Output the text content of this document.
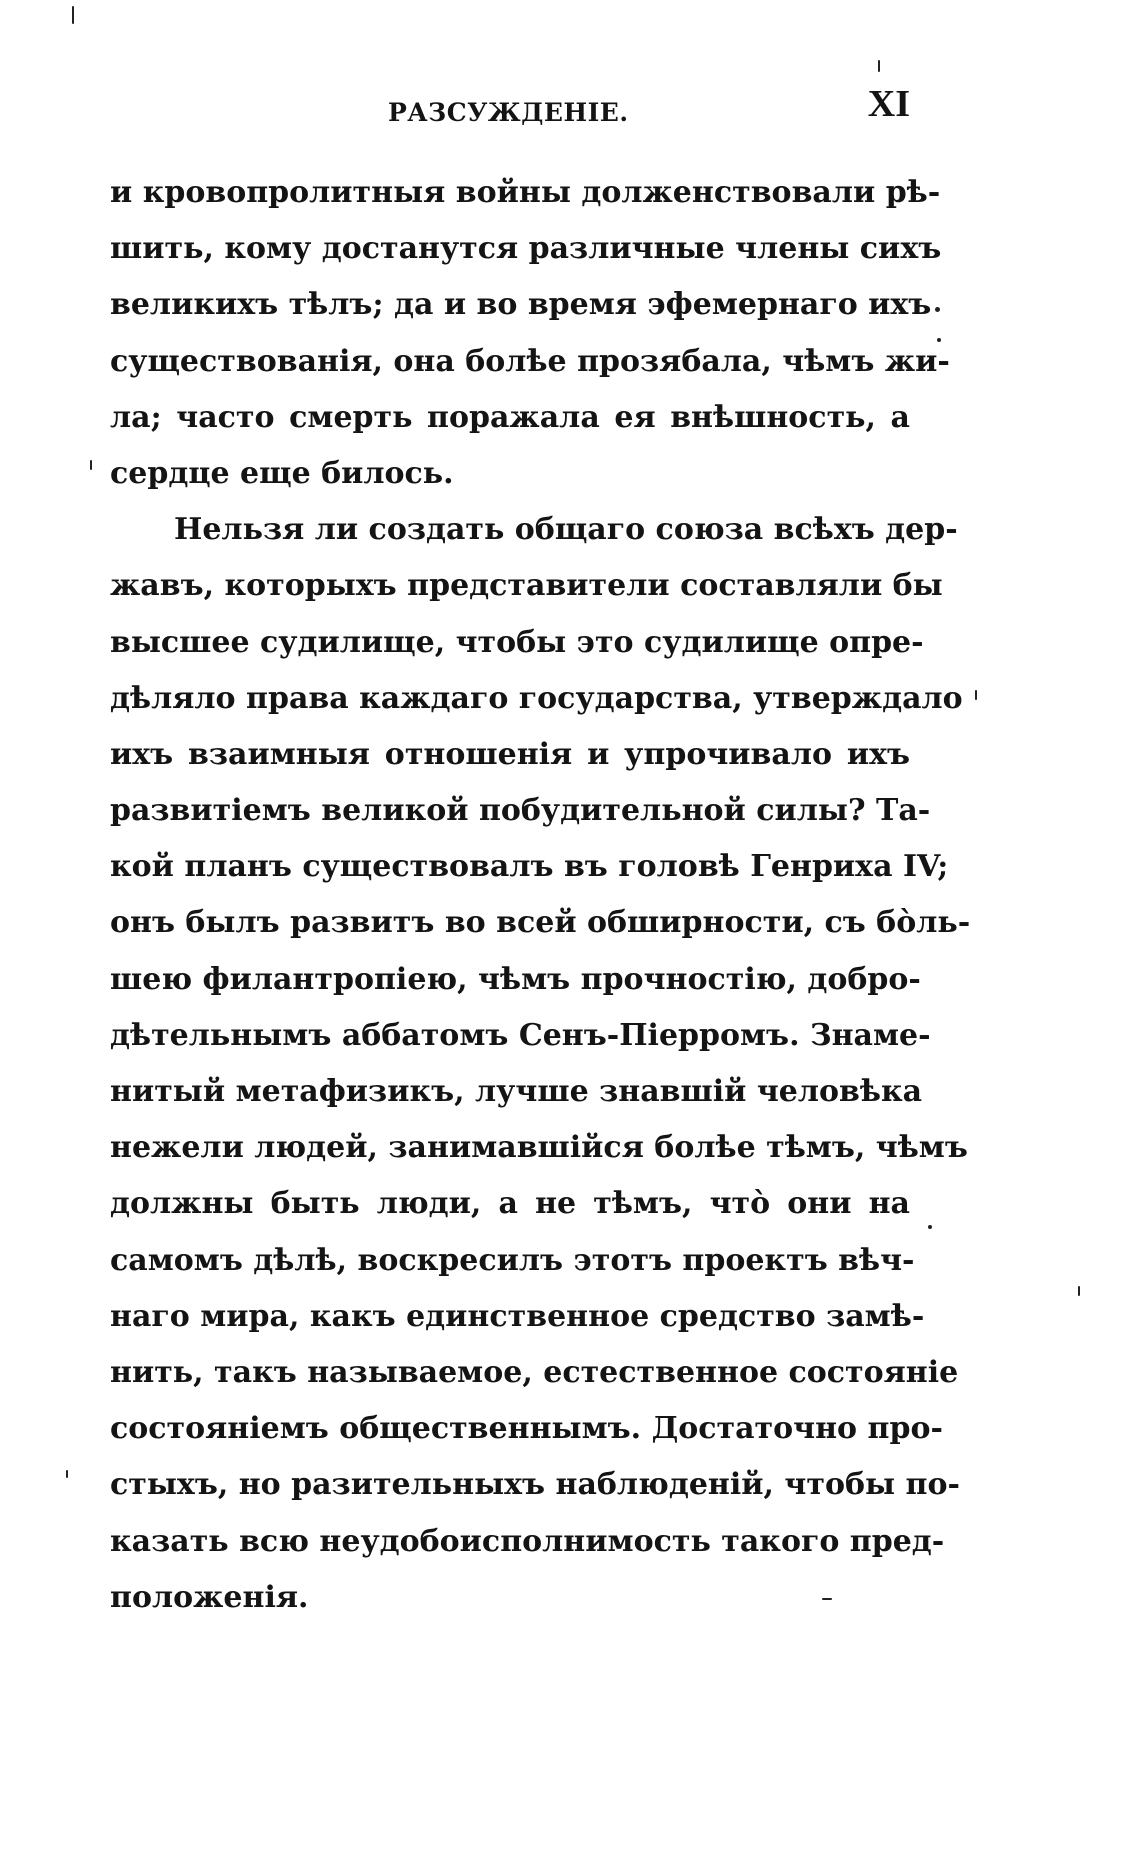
РАЗСУЖДЕНІЕ.	XI
и кровопролитныя войны долженствовали рѣ-
шить, кому достанутся различные члены сихъ
великихъ тѣлъ; да и во время эфемернаго ихъ
существованія, она болѣе прозябала, чѣмъ жи-
ла; часто смерть поражала ея внѣшность, а
сердце еще билось.
Нельзя ли создать общаго союза всѣхъ дер-
жавъ, которыхъ представители составляли бы
высшее судилище, чтобы это судилище опре-
дѣляло права каждаго государства, утверждало
ихъ взаимныя отношенія и упрочивало ихъ
развитіемъ великой побудительной силы? Та-
кой планъ существовалъ въ головѣ Генриха IV;
онъ былъ развитъ во всей обширности, съ бо̀ль-
шею филантропіею, чѣмъ прочностію, добро-
дѣтельнымъ аббатомъ Сенъ-Піерромъ. Знаме-
нитый метафизикъ, лучше знавшій человѣка
нежели людей, занимавшійся болѣе тѣмъ, чѣмъ
должны быть люди, а не тѣмъ, что̀ они на
самомъ дѣлѣ, воскресилъ этотъ проектъ вѣч-
наго мира, какъ единственное средство замѣ-
нить, такъ называемое, естественное состояніе
состояніемъ общественнымъ. Достаточно про-
стыхъ, но разительныхъ наблюденій, чтобы по-
казать всю неудобоисполнимость такого пред-
положенія.
